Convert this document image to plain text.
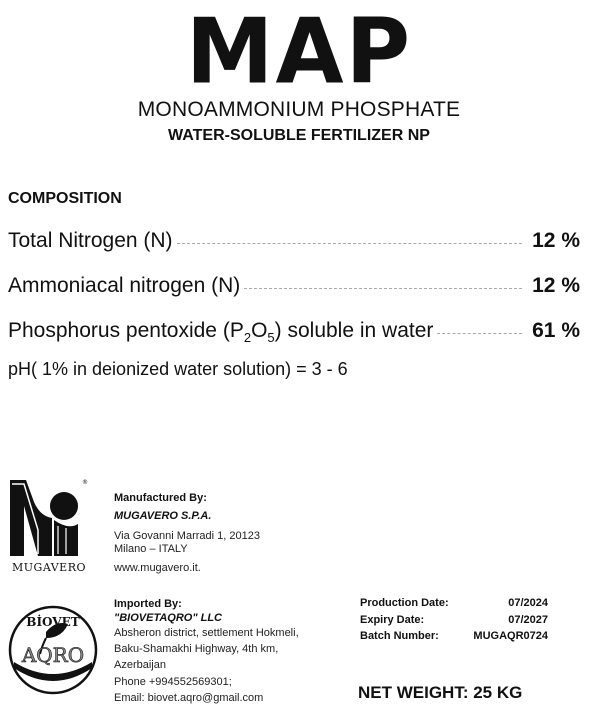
MAP
MONOAMMONIUM PHOSPHATE
WATER-SOLUBLE FERTILIZER NP
COMPOSITION
Total Nitrogen (N)	12 %
Ammoniacal nitrogen (N)	12 %
Phosphorus pentoxide $(P_2O_5)$ soluble in water	61 %
pH( 1% in deionized water solution) = 3 - 6
®
MUGAVERO
Manufactured By:
MUGAVERO S.P.A.
Via Govanni Marradi 1, 20123
Milano – ITALY
www.mugavero.it.
BİOVET
AQRO
Imported By:
"BIOVETAQRO" LLC
Absheron district, settlement Hokmeli,
Baku-Shamakhi Highway, 4th km,
Azerbaijan
Phone +994552569301;
Email: biovet.aqro@gmail.com
Production Date:	07/2024
Expiry Date:	07/2027
Batch Number:	MUGAQR0724
NET WEIGHT: 25 KG
